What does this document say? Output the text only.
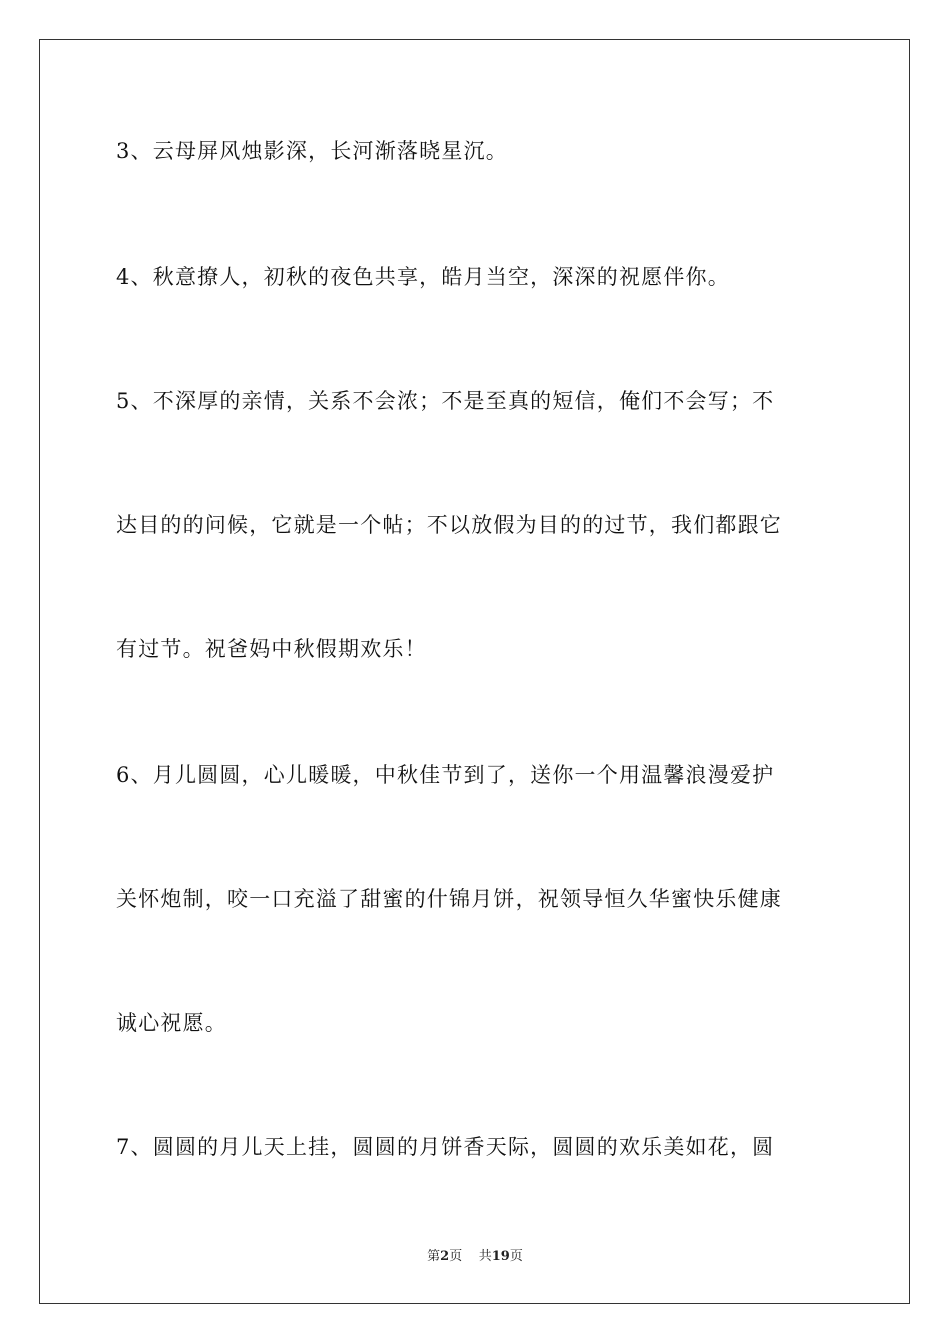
3、云母屏风烛影深，长河渐落晓星沉。
4、秋意撩人，初秋的夜色共享，皓月当空，深深的祝愿伴你。
5、不深厚的亲情，关系不会浓；不是至真的短信，俺们不会写；不
达目的的问候，它就是一个帖；不以放假为目的的过节，我们都跟它
有过节。祝爸妈中秋假期欢乐！
6、月儿圆圆，心儿暖暖，中秋佳节到了，送你一个用温馨浪漫爱护
关怀炮制，咬一口充溢了甜蜜的什锦月饼，祝领导恒久华蜜快乐健康
诚心祝愿。
7、圆圆的月儿天上挂，圆圆的月饼香天际，圆圆的欢乐美如花，圆
第2页 共19页
